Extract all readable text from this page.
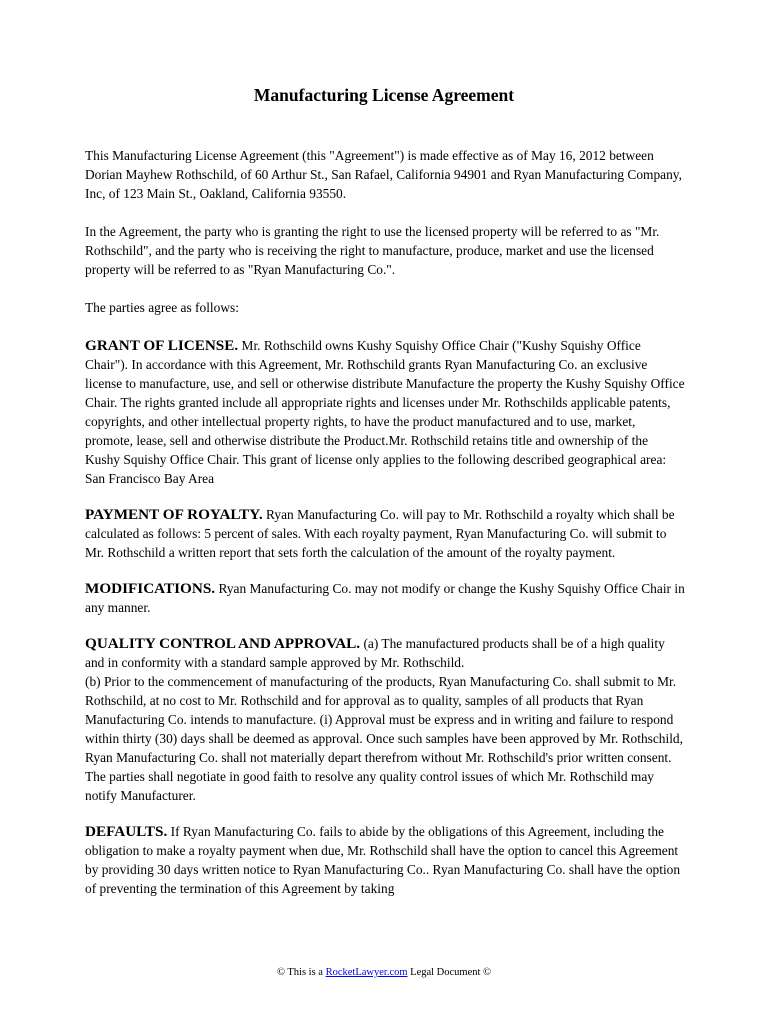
Manufacturing License Agreement

This Manufacturing License Agreement (this "Agreement") is made effective as of May 16, 2012 between Dorian Mayhew Rothschild, of 60 Arthur St., San Rafael, California 94901 and Ryan Manufacturing Company, Inc, of 123 Main St., Oakland, California 93550.

In the Agreement, the party who is granting the right to use the licensed property will be referred to as "Mr. Rothschild", and the party who is receiving the right to manufacture, produce, market and use the licensed property will be referred to as "Ryan Manufacturing Co.".

The parties agree as follows:

GRANT OF LICENSE. Mr. Rothschild owns Kushy Squishy Office Chair ("Kushy Squishy Office Chair"). In accordance with this Agreement, Mr. Rothschild grants Ryan Manufacturing Co. an exclusive license to manufacture, use, and sell or otherwise distribute Manufacture the property the Kushy Squishy Office Chair. The rights granted include all appropriate rights and licenses under Mr. Rothschilds applicable patents, copyrights, and other intellectual property rights, to have the product manufactured and to use, market, promote, lease, sell and otherwise distribute the Product.Mr. Rothschild retains title and ownership of the Kushy Squishy Office Chair. This grant of license only applies to the following described geographical area: San Francisco Bay Area

PAYMENT OF ROYALTY. Ryan Manufacturing Co. will pay to Mr. Rothschild a royalty which shall be calculated as follows: 5 percent of sales. With each royalty payment, Ryan Manufacturing Co. will submit to Mr. Rothschild a written report that sets forth the calculation of the amount of the royalty payment.

MODIFICATIONS. Ryan Manufacturing Co. may not modify or change the Kushy Squishy Office Chair in any manner.

QUALITY CONTROL AND APPROVAL. (a) The manufactured products shall be of a high quality and in conformity with a standard sample approved by Mr. Rothschild.
(b) Prior to the commencement of manufacturing of the products, Ryan Manufacturing Co. shall submit to Mr. Rothschild, at no cost to Mr. Rothschild and for approval as to quality, samples of all products that Ryan Manufacturing Co. intends to manufacture. (i) Approval must be express and in writing and failure to respond within thirty (30) days shall be deemed as approval. Once such samples have been approved by Mr. Rothschild, Ryan Manufacturing Co. shall not materially depart therefrom without Mr. Rothschild's prior written consent. The parties shall negotiate in good faith to resolve any quality control issues of which Mr. Rothschild may notify Manufacturer.

DEFAULTS. If Ryan Manufacturing Co. fails to abide by the obligations of this Agreement, including the obligation to make a royalty payment when due, Mr. Rothschild shall have the option to cancel this Agreement by providing 30 days written notice to Ryan Manufacturing Co.. Ryan Manufacturing Co. shall have the option of preventing the termination of this Agreement by taking

© This is a RocketLawyer.com Legal Document ©
